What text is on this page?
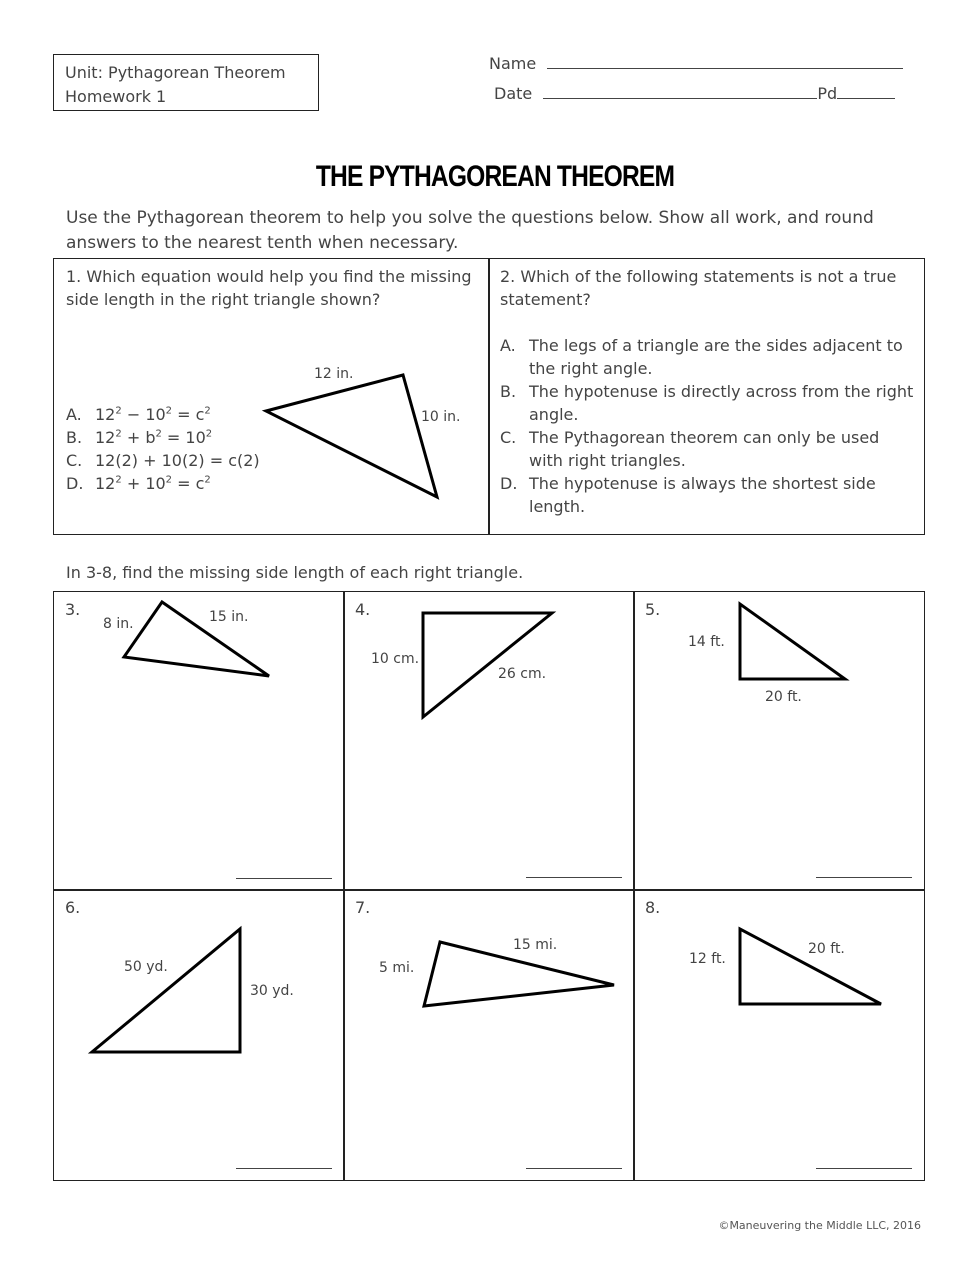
Unit: Pythagorean Theorem
Homework 1
Name
Date	Pd
THE PYTHAGOREAN THEOREM
Use the Pythagorean theorem to help you solve the questions below. Show all work, and round answers to the nearest tenth when necessary.
1. Which equation would help you find the missing side length in the right triangle shown?
12 in.
10 in.
A. $12^2 - 10^2 = c^2$
B. $12^2 + b^2 = 10^2$
C. 12(2) + 10(2) = c(2)
D. $12^2 + 10^2 = c^2$
2. Which of the following statements is not a true statement?
A. The legs of a triangle are the sides adjacent to the right angle.
B. The hypotenuse is directly across from the right angle.
C. The Pythagorean theorem can only be used with right triangles.
D. The hypotenuse is always the shortest side length.
In 3-8, find the missing side length of each right triangle.
3.	4.	5.
6.	7.	8.
8 in.	15 in.
10 cm.
26 cm.
14 ft.
20 ft.
50 yd.
30 yd.
5 mi.
15 mi.
12 ft.
20 ft.
©Maneuvering the Middle LLC, 2016
